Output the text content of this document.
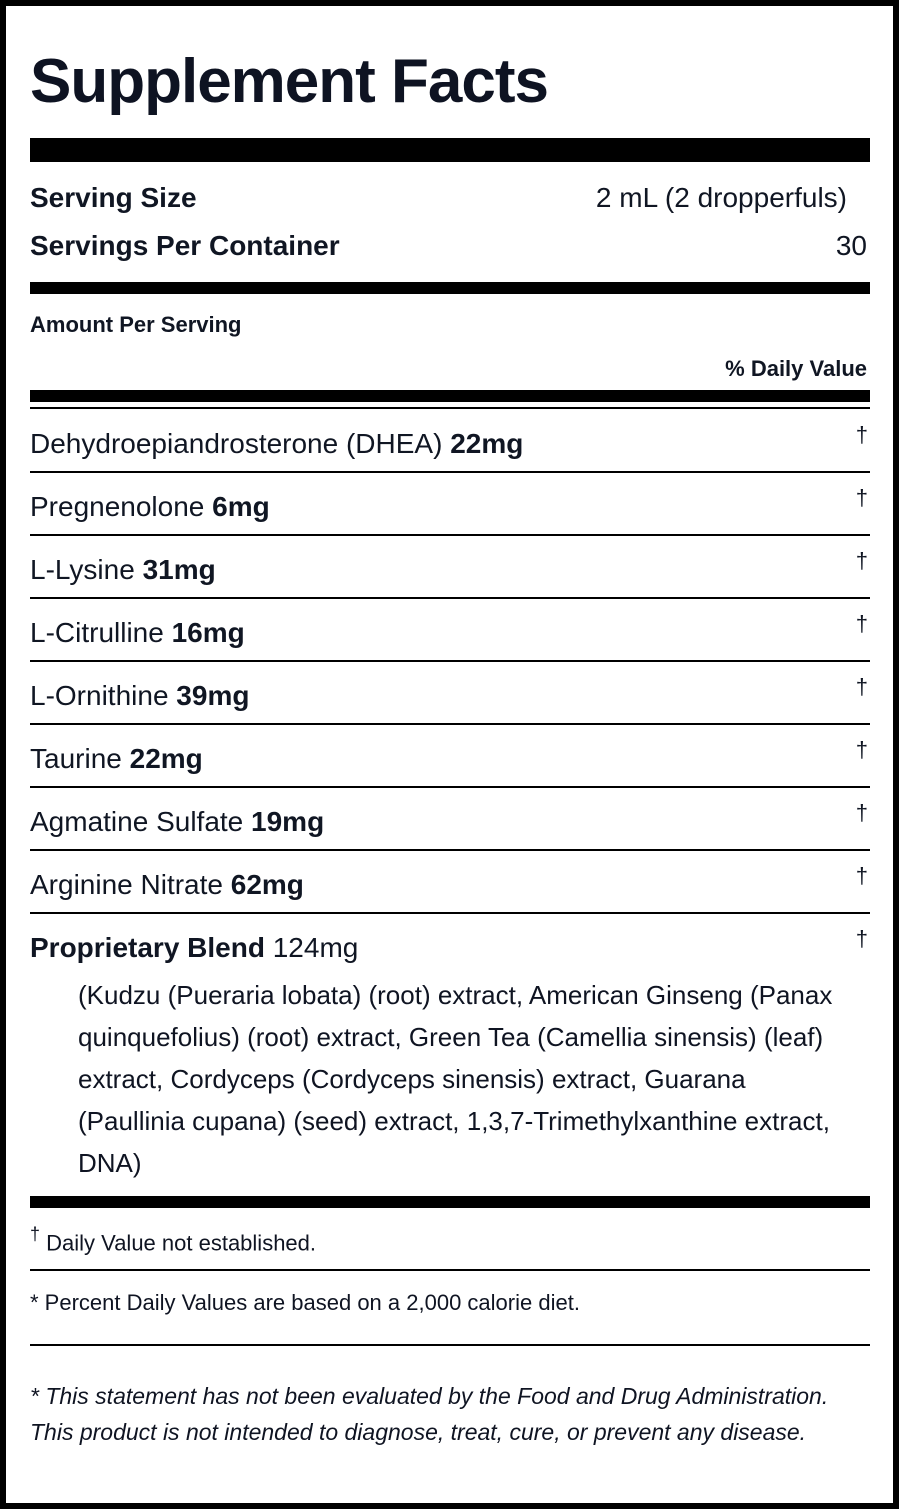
Supplement Facts
Serving Size	2 mL (2 dropperfuls)
Servings Per Container	30
Amount Per Serving
% Daily Value
Dehydroepiandrosterone (DHEA) 22mg	†
Pregnenolone 6mg	†
L-Lysine 31mg	†
L-Citrulline 16mg	†
L-Ornithine 39mg	†
Taurine 22mg	†
Agmatine Sulfate 19mg	†
Arginine Nitrate 62mg	†
Proprietary Blend 124mg	†
(Kudzu (Pueraria lobata) (root) extract, American Ginseng (Panax quinquefolius) (root) extract, Green Tea (Camellia sinensis) (leaf) extract, Cordyceps (Cordyceps sinensis) extract, Guarana (Paullinia cupana) (seed) extract, 1,3,7-Trimethylxanthine extract, DNA)
† Daily Value not established.
* Percent Daily Values are based on a 2,000 calorie diet.
* This statement has not been evaluated by the Food and Drug Administration. This product is not intended to diagnose, treat, cure, or prevent any disease.
